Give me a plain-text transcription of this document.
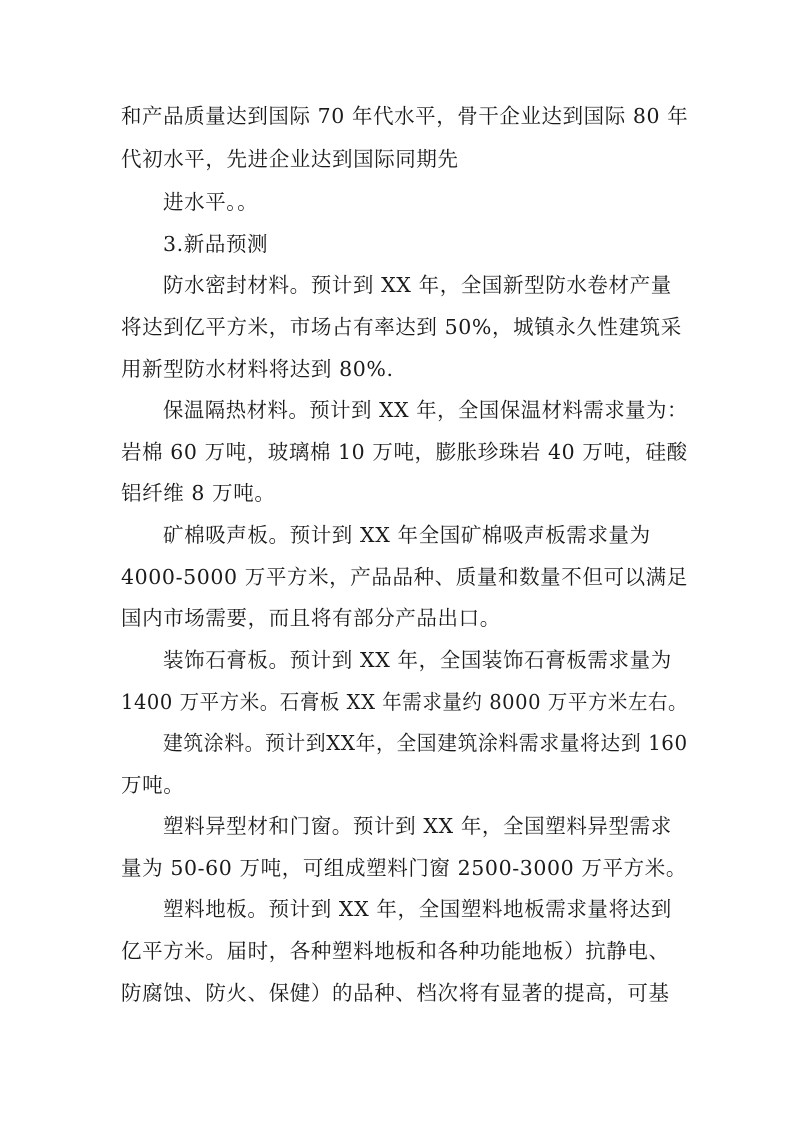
和产品质量达到国际 70 年代水平，骨干企业达到国际 80 年
代初水平，先进企业达到国际同期先
进水平。。
3.新品预测
防水密封材料。预计到 XX 年，全国新型防水卷材产量
将达到亿平方米，市场占有率达到 50%，城镇永久性建筑采
用新型防水材料将达到 80%.
保温隔热材料。预计到 XX 年，全国保温材料需求量为：
岩棉 60 万吨，玻璃棉 10 万吨，膨胀珍珠岩 40 万吨，硅酸
铝纤维 8 万吨。
矿棉吸声板。预计到 XX 年全国矿棉吸声板需求量为
4000-5000 万平方米，产品品种、质量和数量不但可以满足
国内市场需要，而且将有部分产品出口。
装饰石膏板。预计到 XX 年，全国装饰石膏板需求量为
1400 万平方米。石膏板 XX 年需求量约 8000 万平方米左右。
建筑涂料。预计到XX年，全国建筑涂料需求量将达到 160
万吨。
塑料异型材和门窗。预计到 XX 年，全国塑料异型需求
量为 50-60 万吨，可组成塑料门窗 2500-3000 万平方米。
塑料地板。预计到 XX 年，全国塑料地板需求量将达到
亿平方米。届时，各种塑料地板和各种功能地板）抗静电、
防腐蚀、防火、保健）的品种、档次将有显著的提高，可基
